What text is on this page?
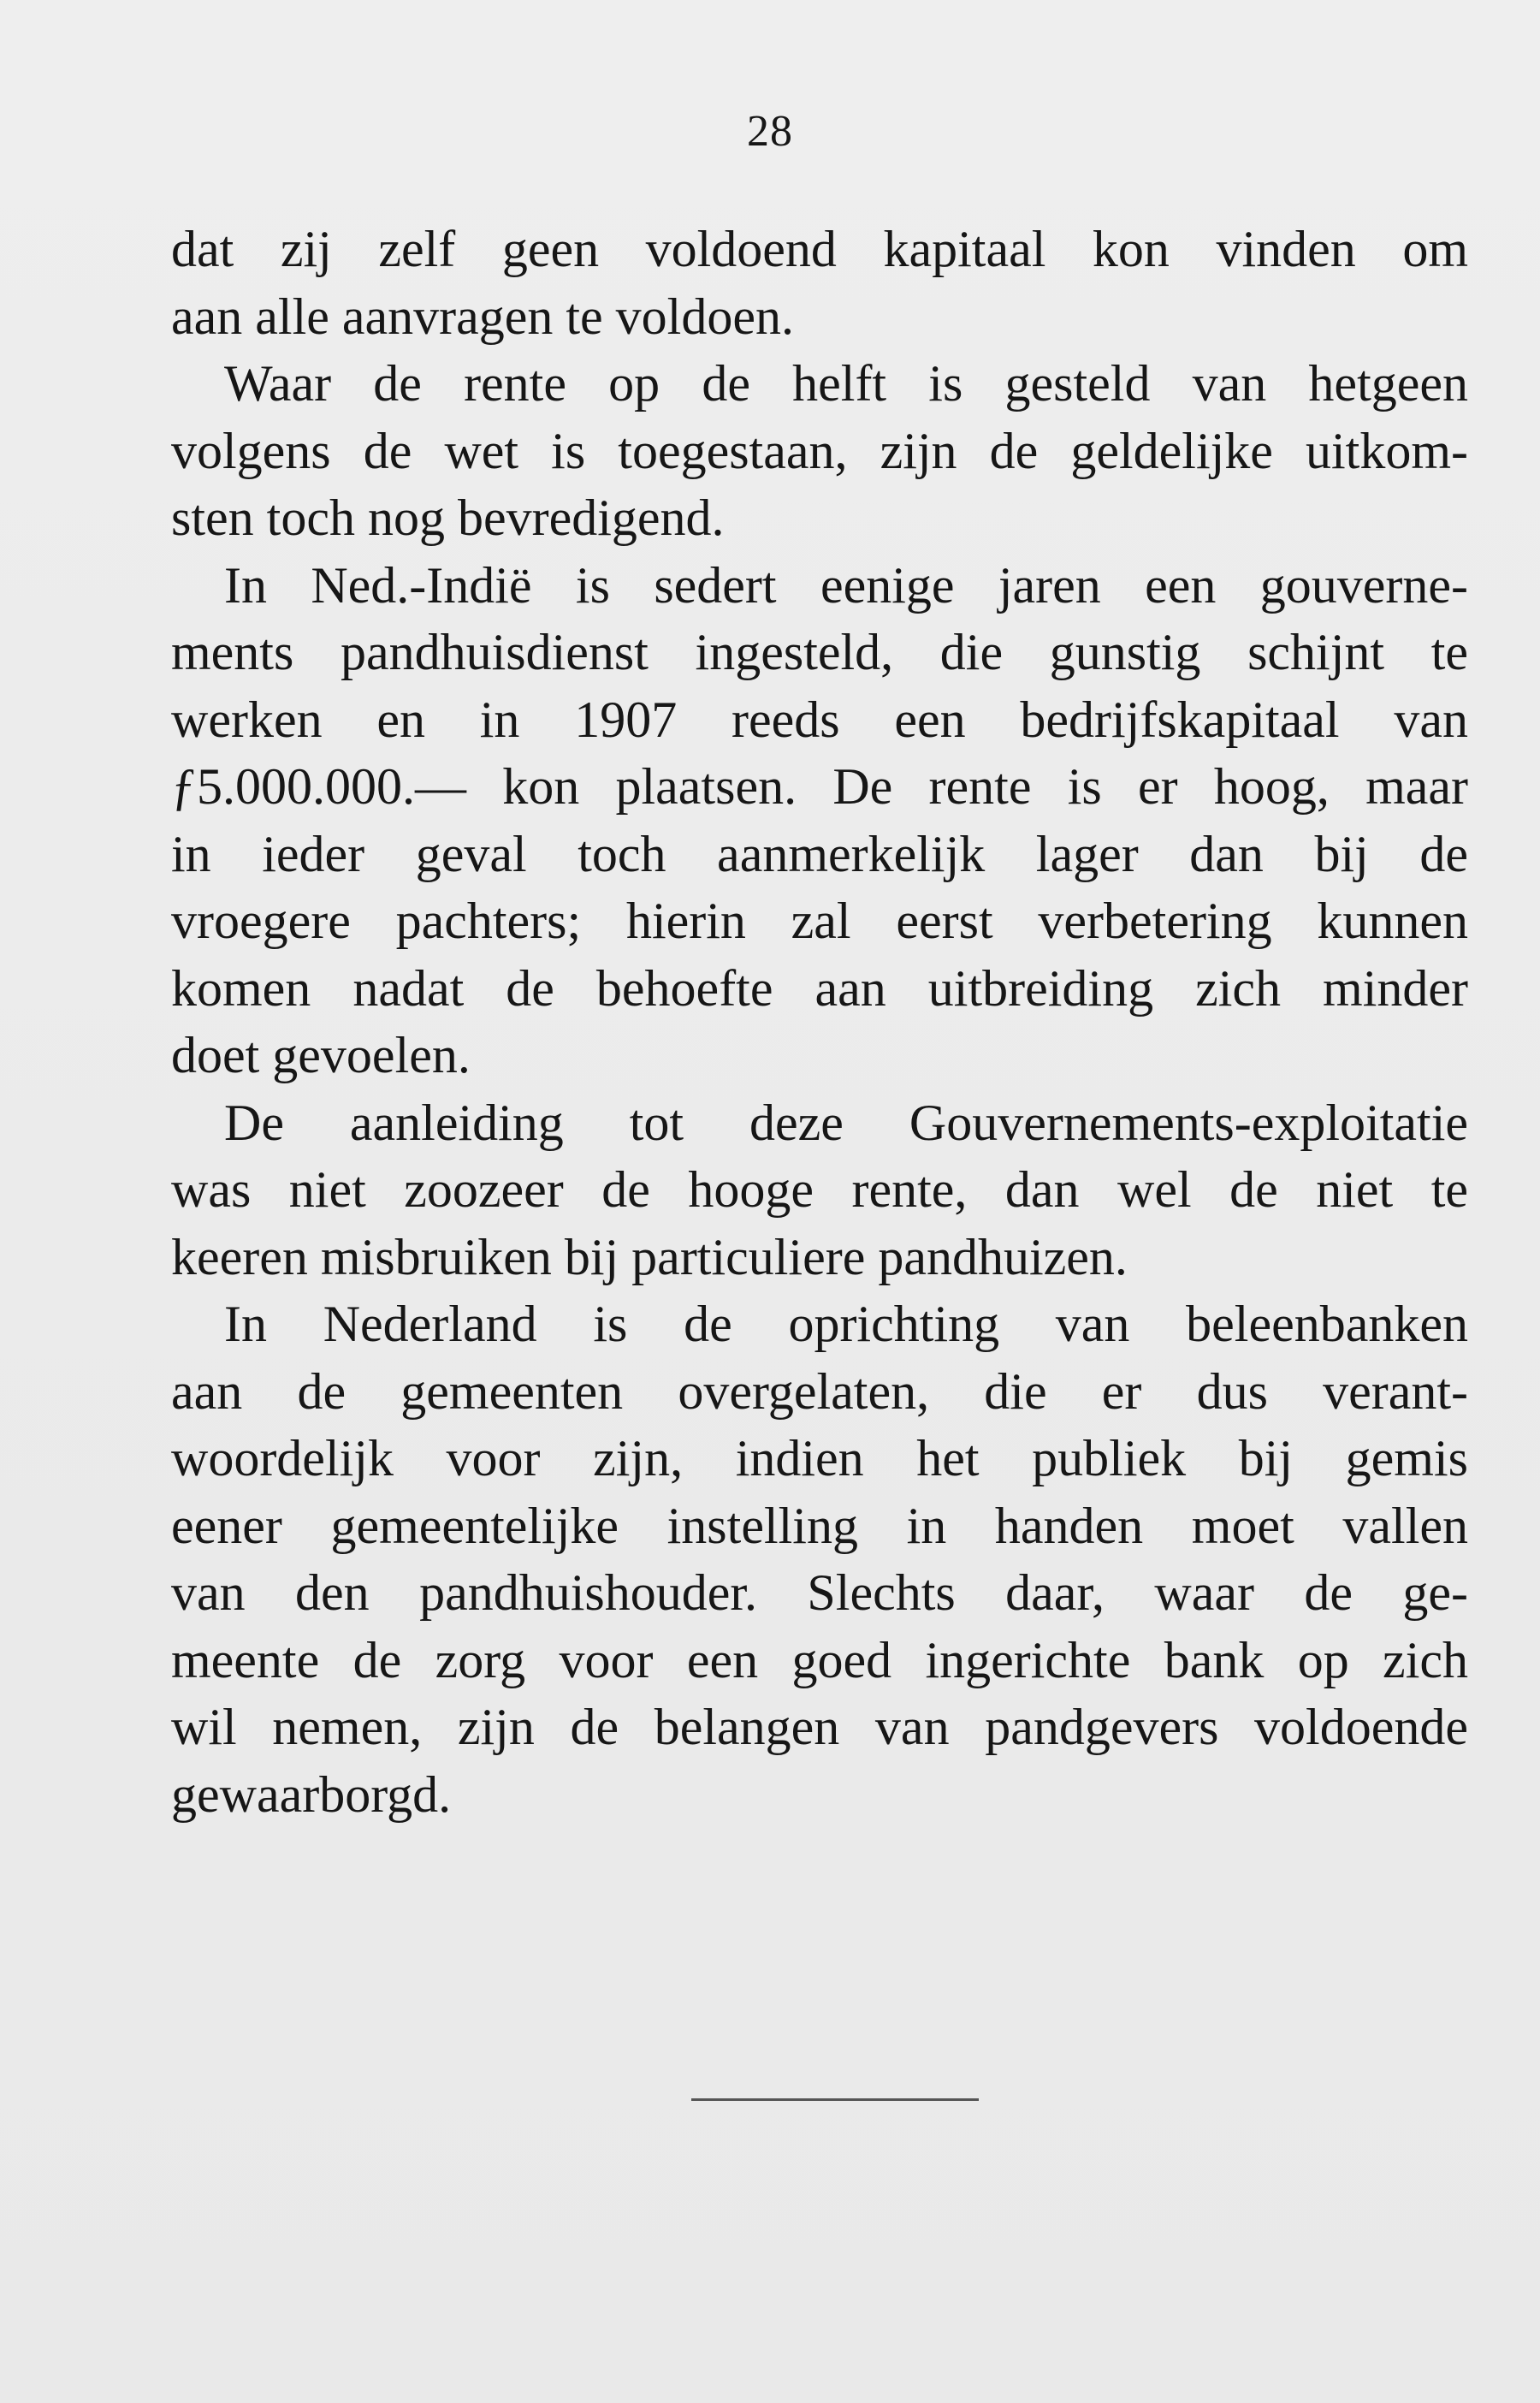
28
dat zij zelf geen voldoend kapitaal kon vinden om
aan alle aanvragen te voldoen.
Waar de rente op de helft is gesteld van hetgeen
volgens de wet is toegestaan, zijn de geldelijke uitkom-
sten toch nog bevredigend.
In Ned.-Indië is sedert eenige jaren een gouverne-
ments pandhuisdienst ingesteld, die gunstig schijnt te
werken en in 1907 reeds een bedrijfskapitaal van
ƒ5.000.000.— kon plaatsen. De rente is er hoog, maar
in ieder geval toch aanmerkelijk lager dan bij de
vroegere pachters; hierin zal eerst verbetering kunnen
komen nadat de behoefte aan uitbreiding zich minder
doet gevoelen.
De aanleiding tot deze Gouvernements-exploitatie
was niet zoozeer de hooge rente, dan wel de niet te
keeren misbruiken bij particuliere pandhuizen.
In Nederland is de oprichting van beleenbanken
aan de gemeenten overgelaten, die er dus verant-
woordelijk voor zijn, indien het publiek bij gemis
eener gemeentelijke instelling in handen moet vallen
van den pandhuishouder. Slechts daar, waar de ge-
meente de zorg voor een goed ingerichte bank op zich
wil nemen, zijn de belangen van pandgevers voldoende
gewaarborgd.
